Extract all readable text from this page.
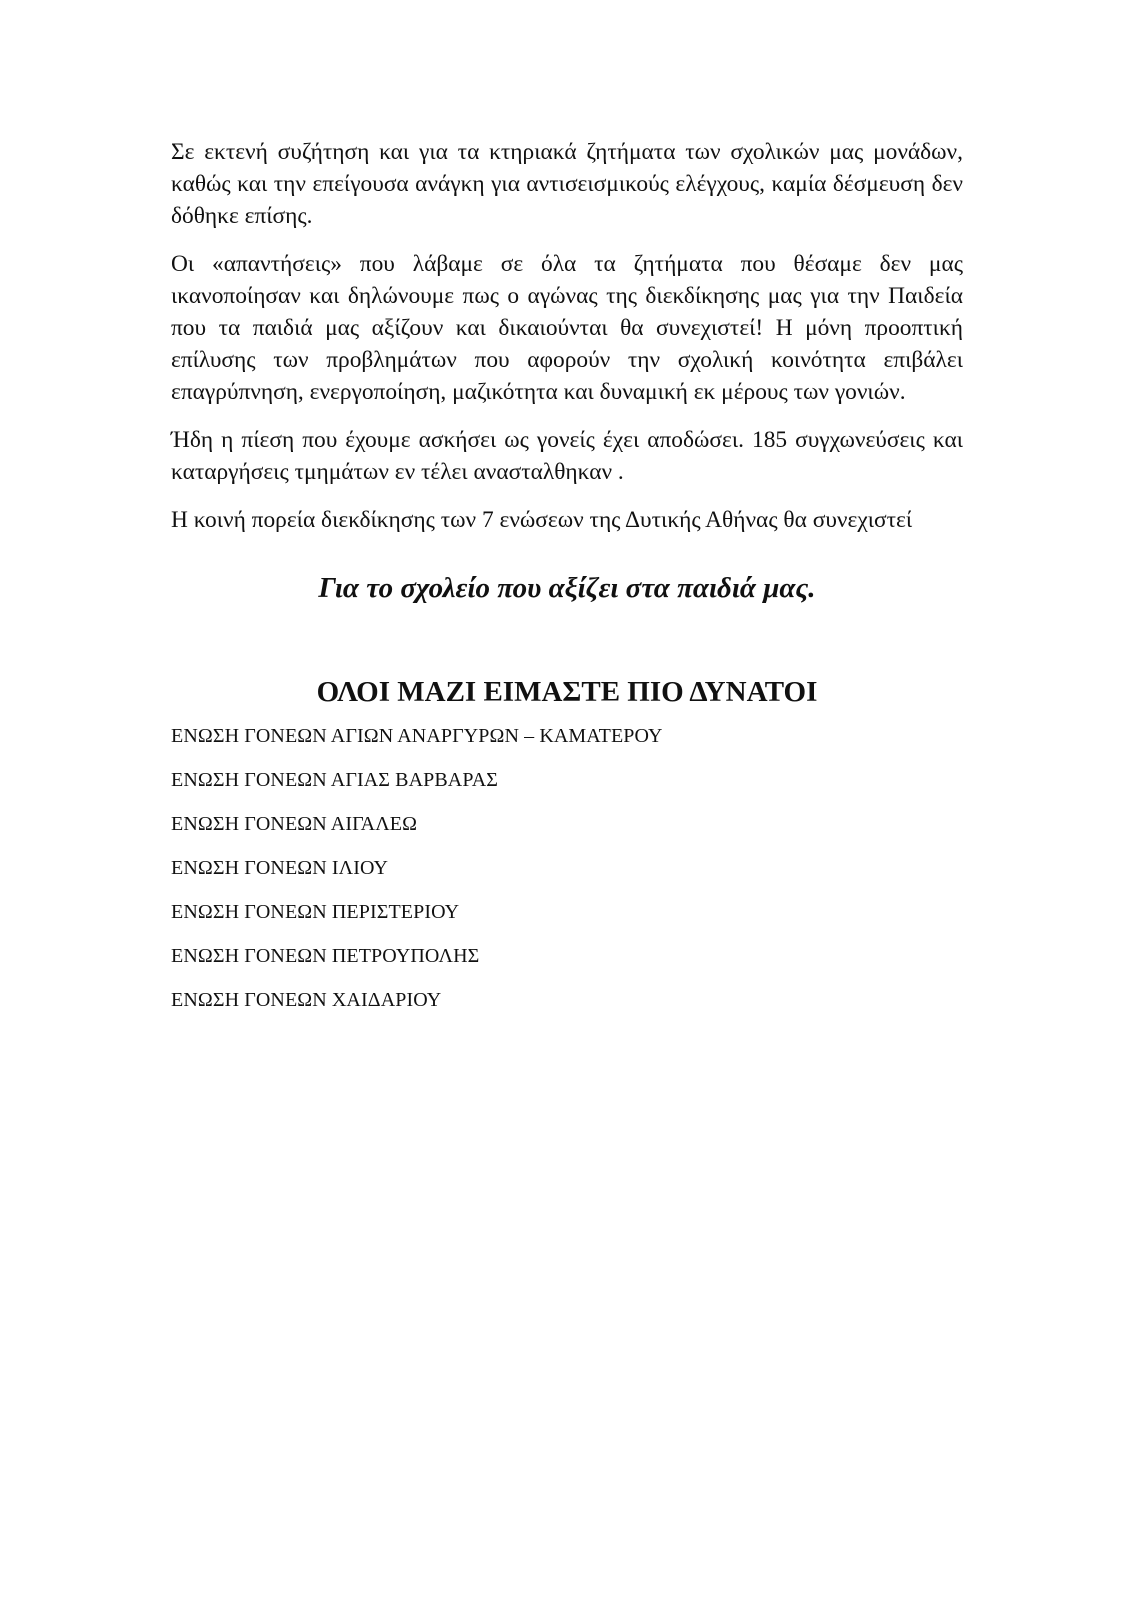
Σε εκτενή συζήτηση και για τα κτηριακά ζητήματα των σχολικών μας μονάδων, καθώς και την επείγουσα ανάγκη για αντισεισμικούς ελέγχους, καμία δέσμευση δεν δόθηκε επίσης.

Οι «απαντήσεις» που λάβαμε σε όλα τα ζητήματα που θέσαμε δεν μας ικανοποίησαν και δηλώνουμε πως ο αγώνας της διεκδίκησης μας για την Παιδεία που τα παιδιά μας αξίζουν και δικαιούνται θα συνεχιστεί! Η μόνη προοπτική επίλυσης των προβλημάτων που αφορούν την σχολική κοινότητα επιβάλει επαγρύπνηση, ενεργοποίηση, μαζικότητα και δυναμική εκ μέρους των γονιών.

Ήδη η πίεση που έχουμε ασκήσει ως γονείς έχει αποδώσει. 185 συγχωνεύσεις και καταργήσεις τμημάτων εν τέλει ανασταλθηκαν .

Η κοινή πορεία διεκδίκησης των 7 ενώσεων της Δυτικής Αθήνας θα συνεχιστεί

Για το σχολείο που αξίζει στα παιδιά μας.
ΟΛΟΙ ΜΑΖΙ ΕΙΜΑΣΤΕ ΠΙΟ ΔΥΝΑΤΟΙ
ΕΝΩΣΗ ΓΟΝΕΩΝ ΑΓΙΩΝ ΑΝΑΡΓΥΡΩΝ – ΚΑΜΑΤΕΡΟΥ
ΕΝΩΣΗ ΓΟΝΕΩΝ ΑΓΙΑΣ ΒΑΡΒΑΡΑΣ
ΕΝΩΣΗ ΓΟΝΕΩΝ ΑΙΓΑΛΕΩ
ΕΝΩΣΗ ΓΟΝΕΩΝ ΙΛΙΟΥ
ΕΝΩΣΗ ΓΟΝΕΩΝ ΠΕΡΙΣΤΕΡΙΟΥ
ΕΝΩΣΗ ΓΟΝΕΩΝ ΠΕΤΡΟΥΠΟΛΗΣ
ΕΝΩΣΗ ΓΟΝΕΩΝ ΧΑΙΔΑΡΙΟΥ
